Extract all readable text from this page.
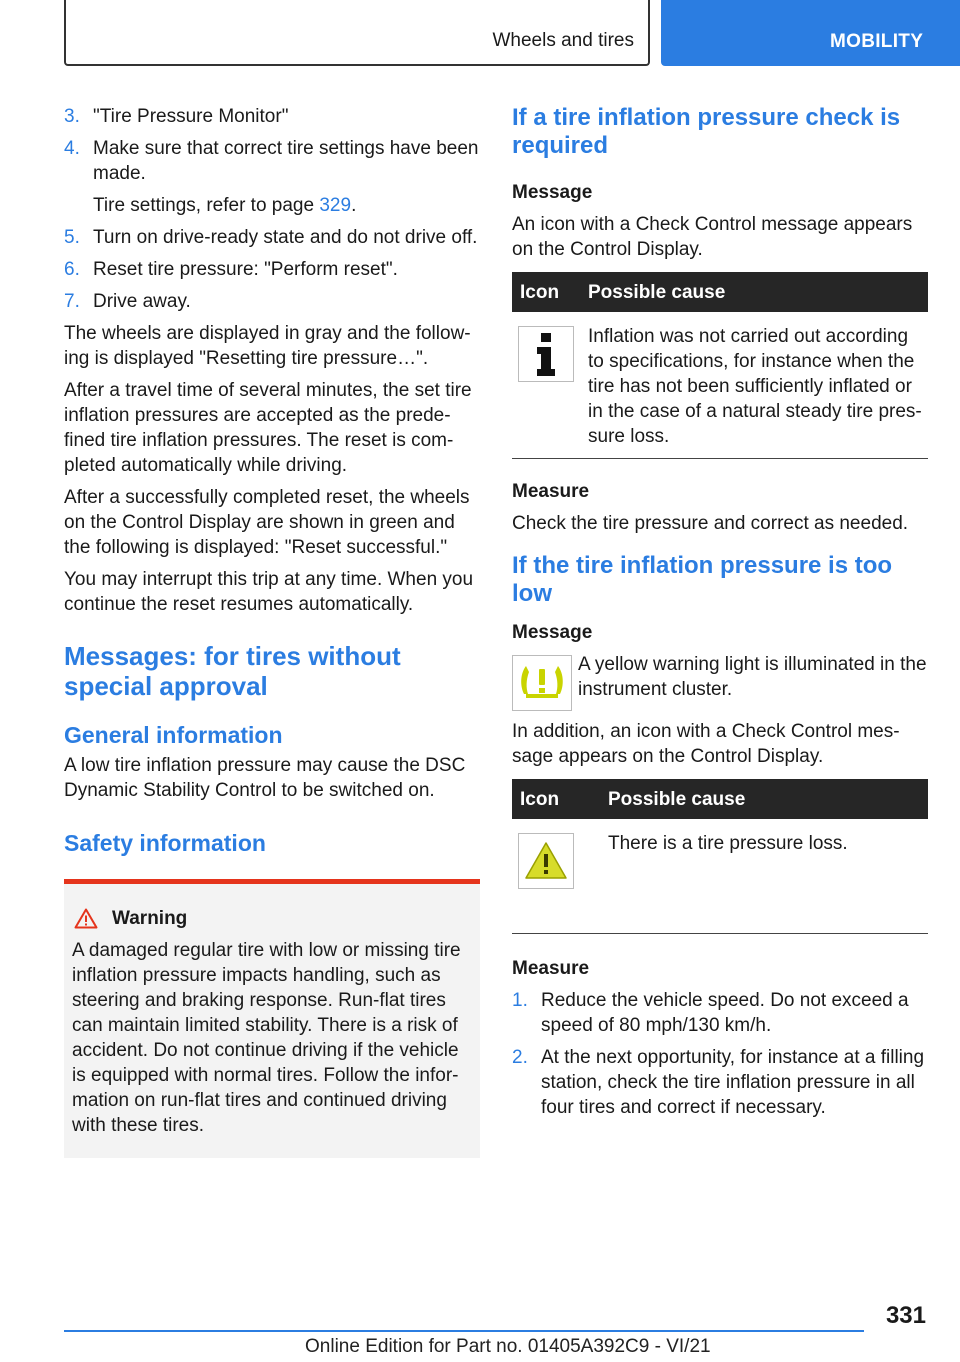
Wheels and tires	MOBILITY
3. "Tire Pressure Monitor"
4. Make sure that correct tire settings have been made.
Tire settings, refer to page 329.
5. Turn on drive-ready state and do not drive off.
6. Reset tire pressure: "Perform reset".
7. Drive away.

The wheels are displayed in gray and the follow-ing is displayed "Resetting tire pressure…".

After a travel time of several minutes, the set tire inflation pressures are accepted as the prede-fined tire inflation pressures. The reset is com-pleted automatically while driving.

After a successfully completed reset, the wheels on the Control Display are shown in green and the following is displayed: "Reset successful."

You may interrupt this trip at any time. When you continue the reset resumes automatically.

Messages: for tires without special approval
General information

A low tire inflation pressure may cause the DSC Dynamic Stability Control to be switched on.

Safety information
Warning

A damaged regular tire with low or missing tire inflation pressure impacts handling, such as steering and braking response. Run-flat tires can maintain limited stability. There is a risk of accident. Do not continue driving if the vehicle is equipped with normal tires. Follow the infor-mation on run-flat tires and continued driving with these tires.

If a tire inflation pressure check is required
Message

An icon with a Check Control message appears on the Control Display.

Icon	Possible cause

	Inflation was not carried out according to specifications, for instance when the tire has not been sufficiently inflated or in the case of a natural steady tire pres-sure loss.
Measure

Check the tire pressure and correct as needed.

If the tire inflation pressure is too low
Message
A yellow warning light is illuminated in the instrument cluster.

In addition, an icon with a Check Control mes-sage appears on the Control Display.

Icon	Possible cause

	There is a tire pressure loss.
Measure
1. Reduce the vehicle speed. Do not exceed a speed of 80 mph/130 km/h.
2. At the next opportunity, for instance at a filling station, check the tire inflation pressure in all four tires and correct if necessary.
331
Online Edition for Part no. 01405A392C9 - VI/21
